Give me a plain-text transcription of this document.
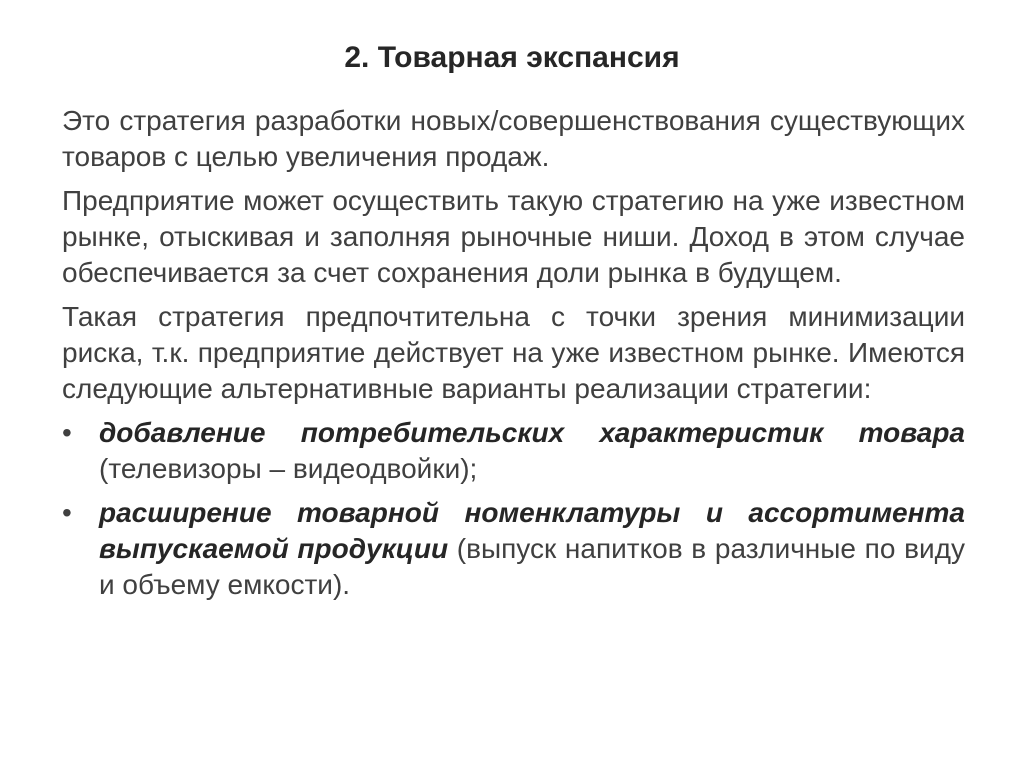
2. Товарная экспансия

Это стратегия разработки новых/совершенствования существующих товаров с целью увеличения продаж.

Предприятие может осуществить такую стратегию на уже известном рынке, отыскивая и заполняя рыночные ниши. Доход в этом случае обеспечивается за счет сохранения доли рынка в будущем.

Такая стратегия предпочтительна с точки зрения минимизации риска, т.к. предприятие действует на уже известном рынке. Имеются следующие альтернативные варианты реализации стратегии:

• добавление потребительских характеристик товара (телевизоры – видеодвойки);
• расширение товарной номенклатуры и ассортимента выпускаемой продукции (выпуск напитков в различные по виду и объему емкости).
